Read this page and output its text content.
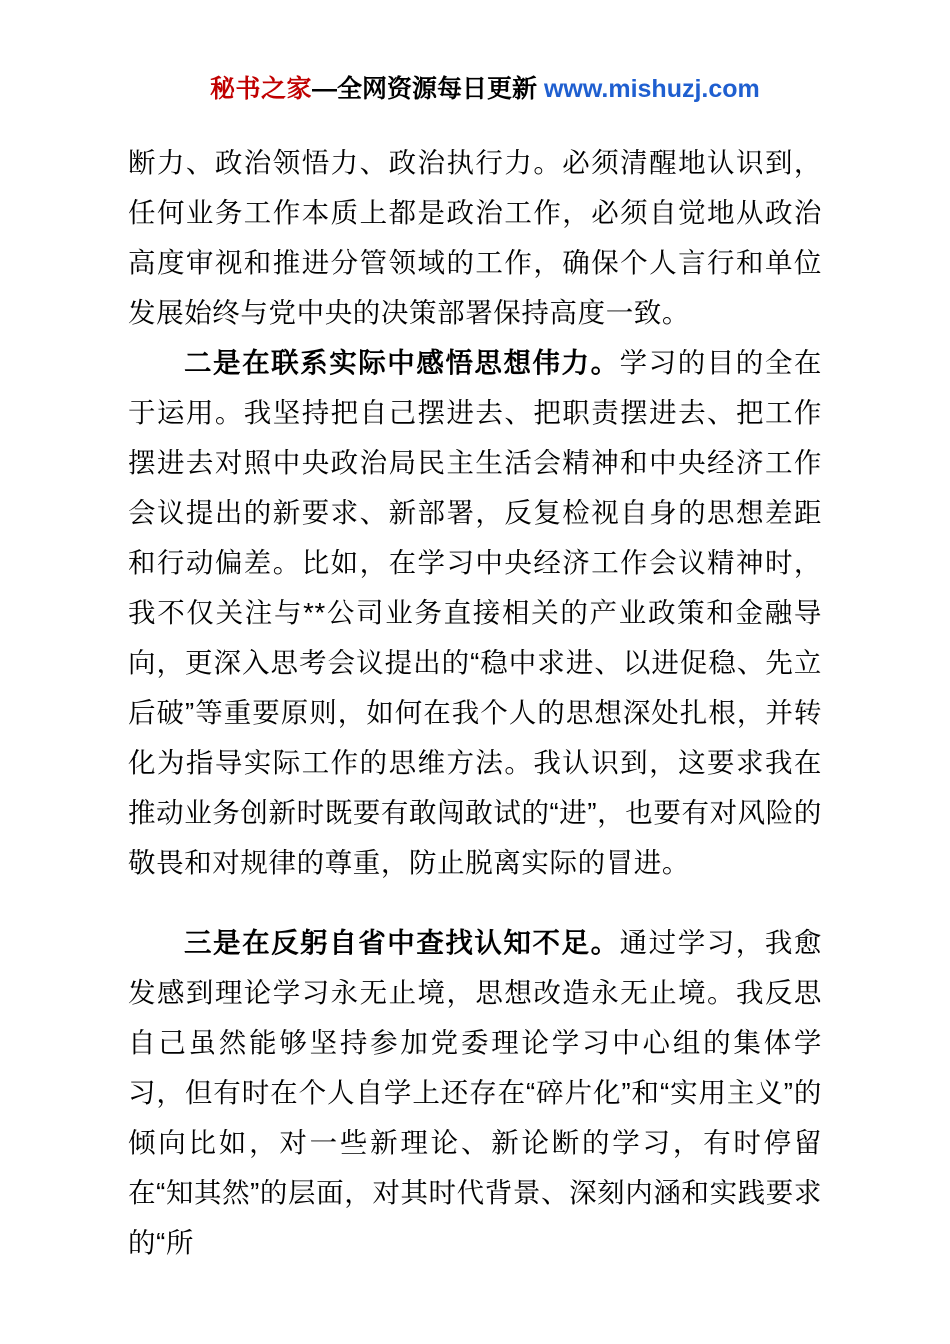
秘书之家—全网资源每日更新 www.mishuzj.com

断力、政治领悟力、政治执行力。必须清醒地认识到，任何业务工作本质上都是政治工作，必须自觉地从政治高度审视和推进分管领域的工作，确保个人言行和单位发展始终与党中央的决策部署保持高度一致。

二是在联系实际中感悟思想伟力。学习的目的全在于运用。我坚持把自己摆进去、把职责摆进去、把工作摆进去对照中央政治局民主生活会精神和中央经济工作会议提出的新要求、新部署，反复检视自身的思想差距和行动偏差。比如，在学习中央经济工作会议精神时，我不仅关注与**公司业务直接相关的产业政策和金融导向，更深入思考会议提出的“稳中求进、以进促稳、先立后破”等重要原则，如何在我个人的思想深处扎根，并转化为指导实际工作的思维方法。我认识到，这要求我在推动业务创新时既要有敢闯敢试的“进”，也要有对风险的敬畏和对规律的尊重，防止脱离实际的冒进。

三是在反躬自省中查找认知不足。通过学习，我愈发感到理论学习永无止境，思想改造永无止境。我反思自己虽然能够坚持参加党委理论学习中心组的集体学习，但有时在个人自学上还存在“碎片化”和“实用主义”的倾向比如，对一些新理论、新论断的学习，有时停留在“知其然”的层面，对其时代背景、深刻内涵和实践要求的“所
